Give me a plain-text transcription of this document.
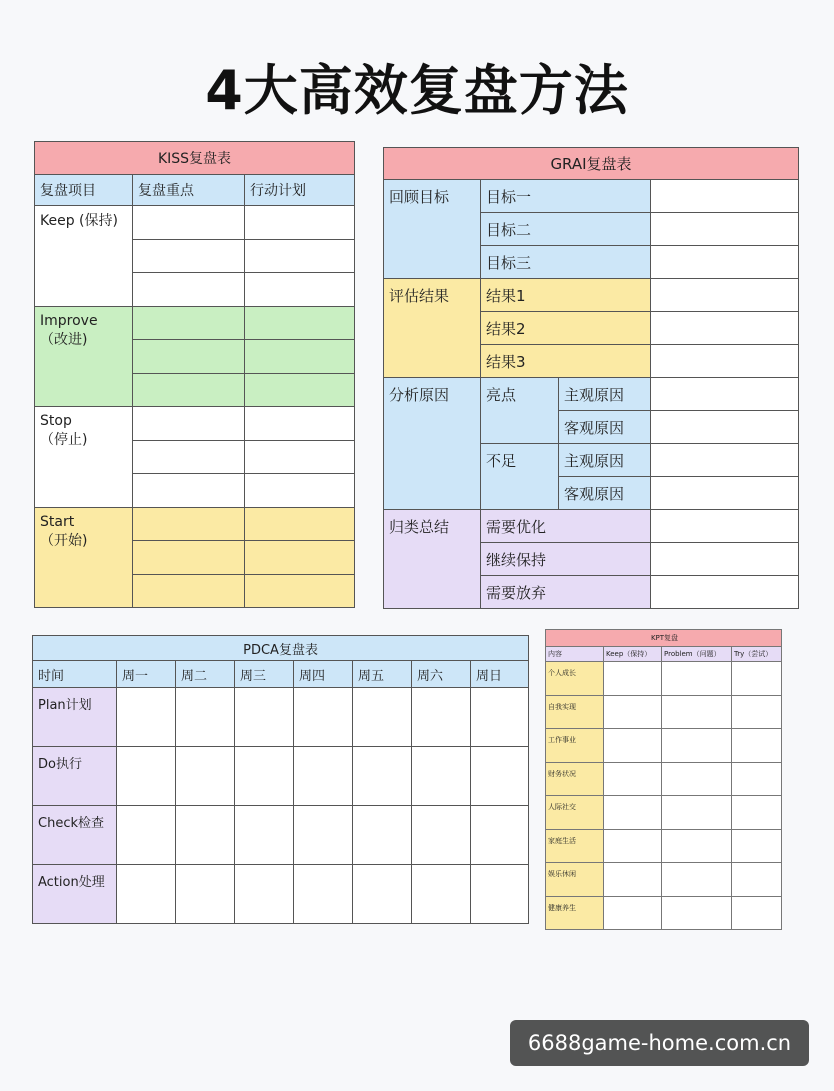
4大高效复盘方法
KISS复盘表		
复盘项目	复盘重点	行动计划
Keep (保持)		

Improve
（改进)		

Stop
（停止)		

Start
（开始)		

GRAI复盘表			
回顾目标	目标一		
	目标二		
	目标三		
评估结果	结果1		
	结果2		
	结果3		
分析原因	亮点	主观原因	
		客观原因	
	不足	主观原因	
		客观原因	
归类总结	需要优化		
	继续保持		
	需要放弃		
PDCA复盘表							
时间	周一	周二	周三	周四	周五	周六	周日
Plan计划							
Do执行							
Check检查							
Action处理							
KPT复盘			
内容	Keep（保持）	Problem（问题）	Try（尝试）
个人成长			
自我实现			
工作事业			
财务状况			
人际社交			
家庭生活			
娱乐休闲			
健康养生			
6688game-home.com.cn
